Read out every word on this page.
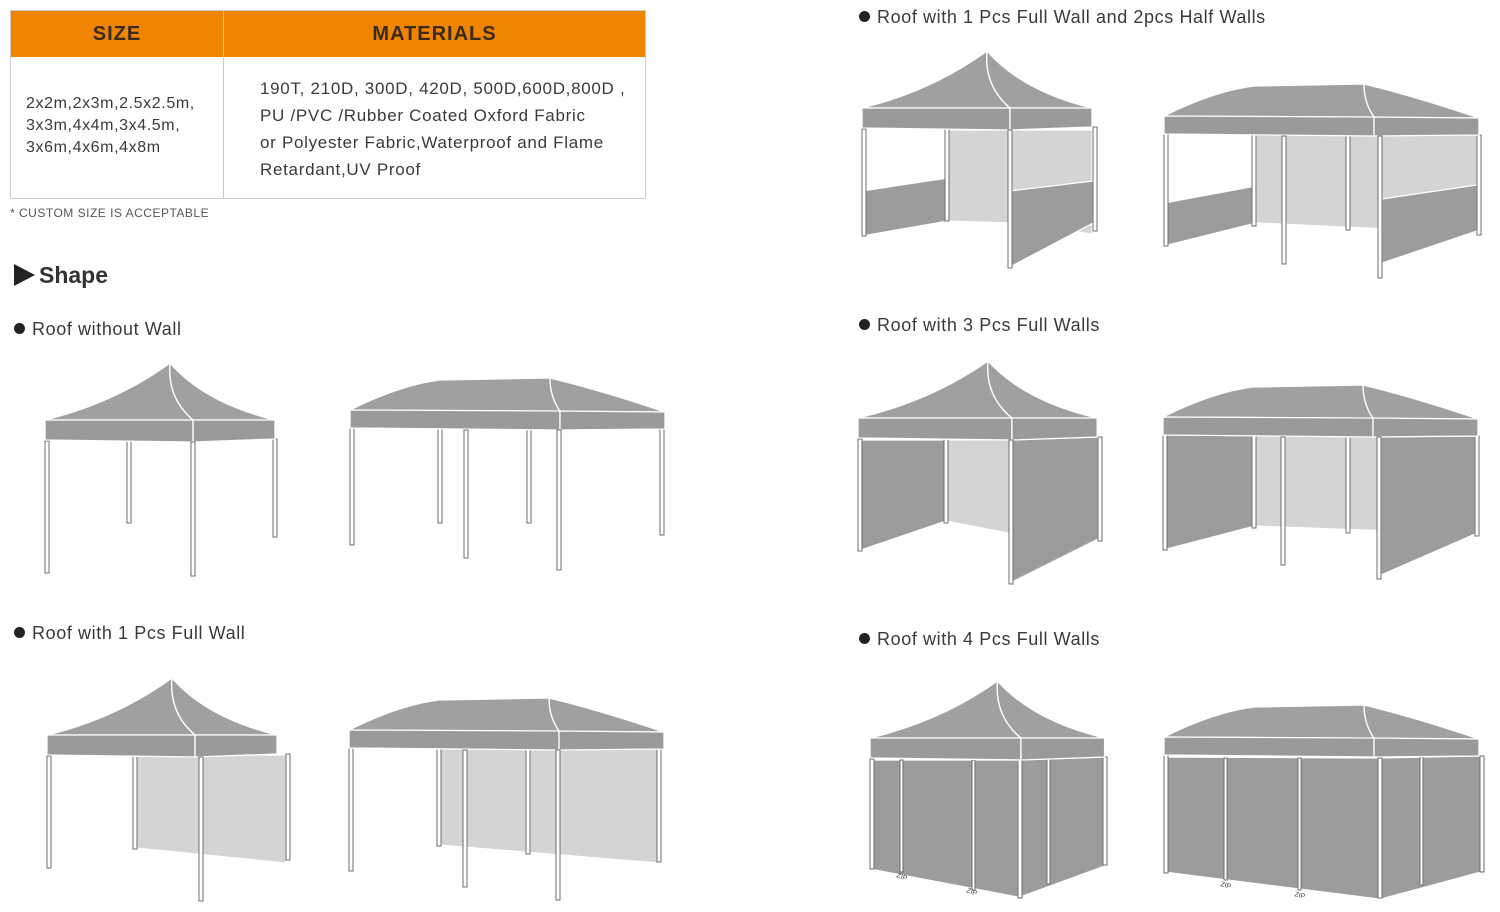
SIZE	MATERIALS
2x2m,2x3m,2.5x2.5m,
3x3m,4x4m,3x4.5m,
3x6m,4x6m,4x8m
190T, 210D, 300D, 420D, 500D,600D,800D ,
PU /PVC /Rubber Coated Oxford Fabric
or Polyester Fabric,Waterproof and Flame
Retardant,UV Proof
* CUSTOM SIZE IS ACCEPTABLE
Shape
Roof without Wall
Roof with 1 Pcs Full Wall
Roof with 1 Pcs Full Wall and 2pcs Half Walls
Roof with 3 Pcs Full Walls
Roof with 4 Pcs Full Walls
ZIP
ZIP
ZIP
ZIP
